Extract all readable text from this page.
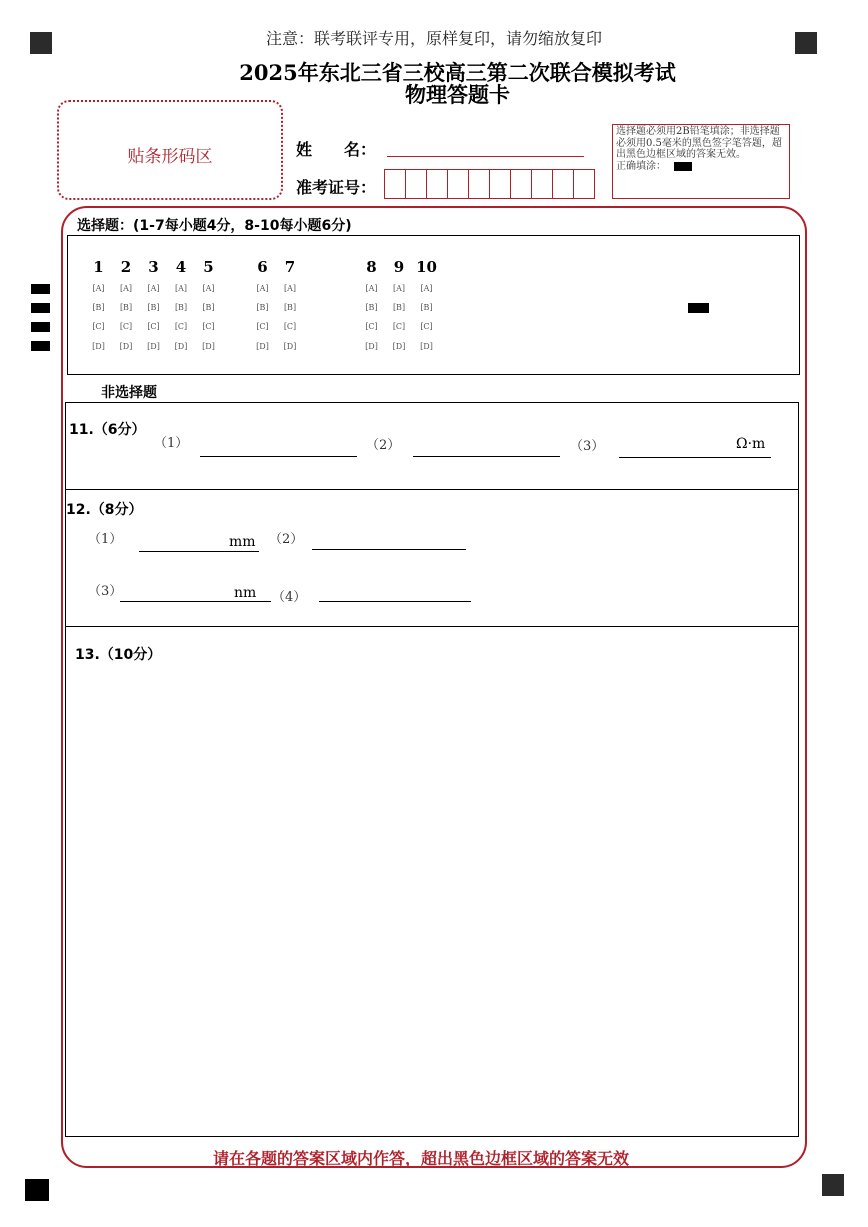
注意：联考联评专用，原样复印，请勿缩放复印
2025年东北三省三校高三第二次联合模拟考试
物理答题卡
贴条形码区	姓　　名：
准考证号：
选择题必须用2B铅笔填涂；非选择题必须用0.5毫米的黑色签字笔答题，超出黑色边框区域的答案无效。
正确填涂：
选择题：(1-7每小题4分，8-10每小题6分)
1
[A]
[B]
[C]
[D]
2
[A]
[B]
[C]
[D]
3
[A]
[B]
[C]
[D]
4
[A]
[B]
[C]
[D]
5
[A]
[B]
[C]
[D]
6
[A]
[B]
[C]
[D]
7
[A]
[B]
[C]
[D]
8
[A]
[B]
[C]
[D]
9
[A]
[B]
[C]
[D]
10
[A]
[B]
[C]
[D]
非选择题
11.（6分）
（1）	（2）	（3）	Ω·m
12.（8分）
（1）	mm （2）
（3）	nm （4）
13.（10分）
请在各题的答案区域内作答，超出黑色边框区域的答案无效
